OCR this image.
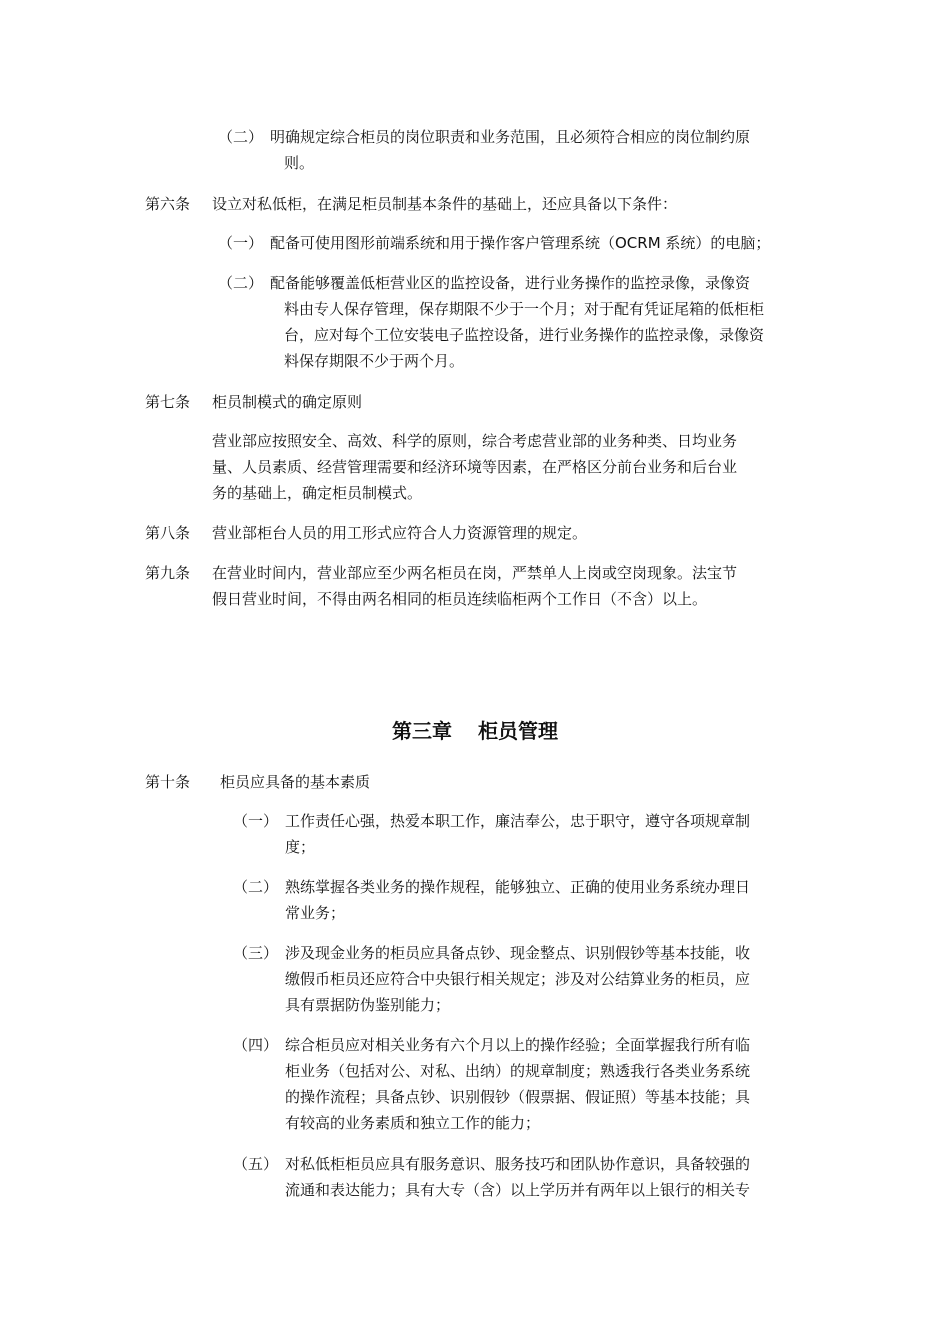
（二） 明确规定综合柜员的岗位职责和业务范围，且必须符合相应的岗位制约原
则。
第六条 设立对私低柜，在满足柜员制基本条件的基础上，还应具备以下条件：
（一） 配备可使用图形前端系统和用于操作客户管理系统（OCRM 系统）的电脑；
（二） 配备能够覆盖低柜营业区的监控设备，进行业务操作的监控录像，录像资
料由专人保存管理，保存期限不少于一个月；对于配有凭证尾箱的低柜柜
台，应对每个工位安装电子监控设备，进行业务操作的监控录像，录像资
料保存期限不少于两个月。
第七条 柜员制模式的确定原则
营业部应按照安全、高效、科学的原则，综合考虑营业部的业务种类、日均业务
量、人员素质、经营管理需要和经济环境等因素，在严格区分前台业务和后台业
务的基础上，确定柜员制模式。
第八条 营业部柜台人员的用工形式应符合人力资源管理的规定。
第九条 在营业时间内，营业部应至少两名柜员在岗，严禁单人上岗或空岗现象。法宝节
假日营业时间，不得由两名相同的柜员连续临柜两个工作日（不含）以上。
第三章 柜员管理
第十条 柜员应具备的基本素质
（一） 工作责任心强，热爱本职工作，廉洁奉公，忠于职守，遵守各项规章制
度；
（二） 熟练掌握各类业务的操作规程，能够独立、正确的使用业务系统办理日
常业务；
（三） 涉及现金业务的柜员应具备点钞、现金整点、识别假钞等基本技能，收
缴假币柜员还应符合中央银行相关规定；涉及对公结算业务的柜员，应
具有票据防伪鉴别能力；
（四） 综合柜员应对相关业务有六个月以上的操作经验；全面掌握我行所有临
柜业务（包括对公、对私、出纳）的规章制度；熟透我行各类业务系统
的操作流程；具备点钞、识别假钞（假票据、假证照）等基本技能；具
有较高的业务素质和独立工作的能力；
（五） 对私低柜柜员应具有服务意识、服务技巧和团队协作意识，具备较强的
流通和表达能力；具有大专（含）以上学历并有两年以上银行的相关专
